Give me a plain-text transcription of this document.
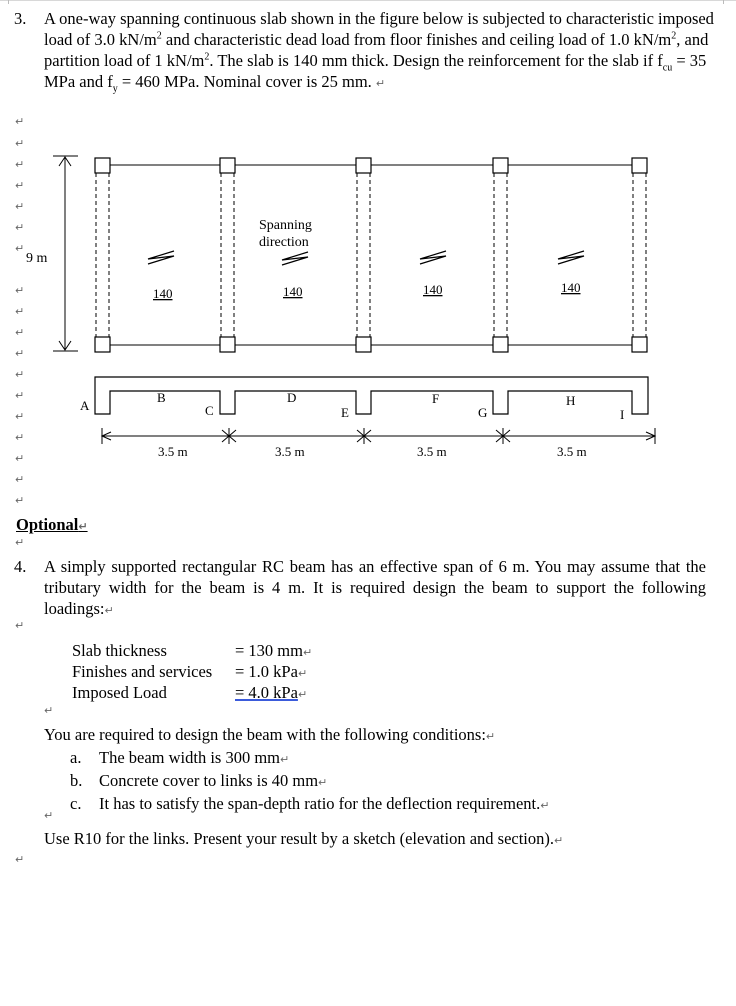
3. A one-way spanning continuous slab shown in the figure below is subjected to characteristic imposed load of 3.0 $kN/m^2$ and characteristic dead load from floor finishes and ceiling load of 1.0 $kN/m^2$, and partition load of 1 $kN/m^2$. The slab is 140 mm thick. Design the reinforcement for the slab if $f_{cu} = 35$ MPa and $f_y = 460$ MPa. Nominal cover is 25 mm. ↵
↵
↵
↵
↵
↵
↵
↵
↵
↵
↵
↵
↵
↵
↵
↵
↵
↵
↵
9 m
Spanning
direction
140	140	140	140
A
B
C
D
E
F
G
H
I
3.5 m	3.5 m	3.5 m	3.5 m
Optional↵
↵
4. A simply supported rectangular RC beam has an effective span of 6 m. You may assume that the tributary width for the beam is 4 m. It is required design the beam to support the following loadings:↵
↵
Slab thickness	= 130 mm↵
Finishes and services = 1.0 kPa↵
Imposed Load	= 4.0 kPa↵
↵
You are required to design the beam with the following conditions:↵
a. The beam width is 300 mm↵
b. Concrete cover to links is 40 mm↵
c. It has to satisfy the span-depth ratio for the deflection requirement.↵
↵
Use R10 for the links. Present your result by a sketch (elevation and section).↵
↵
